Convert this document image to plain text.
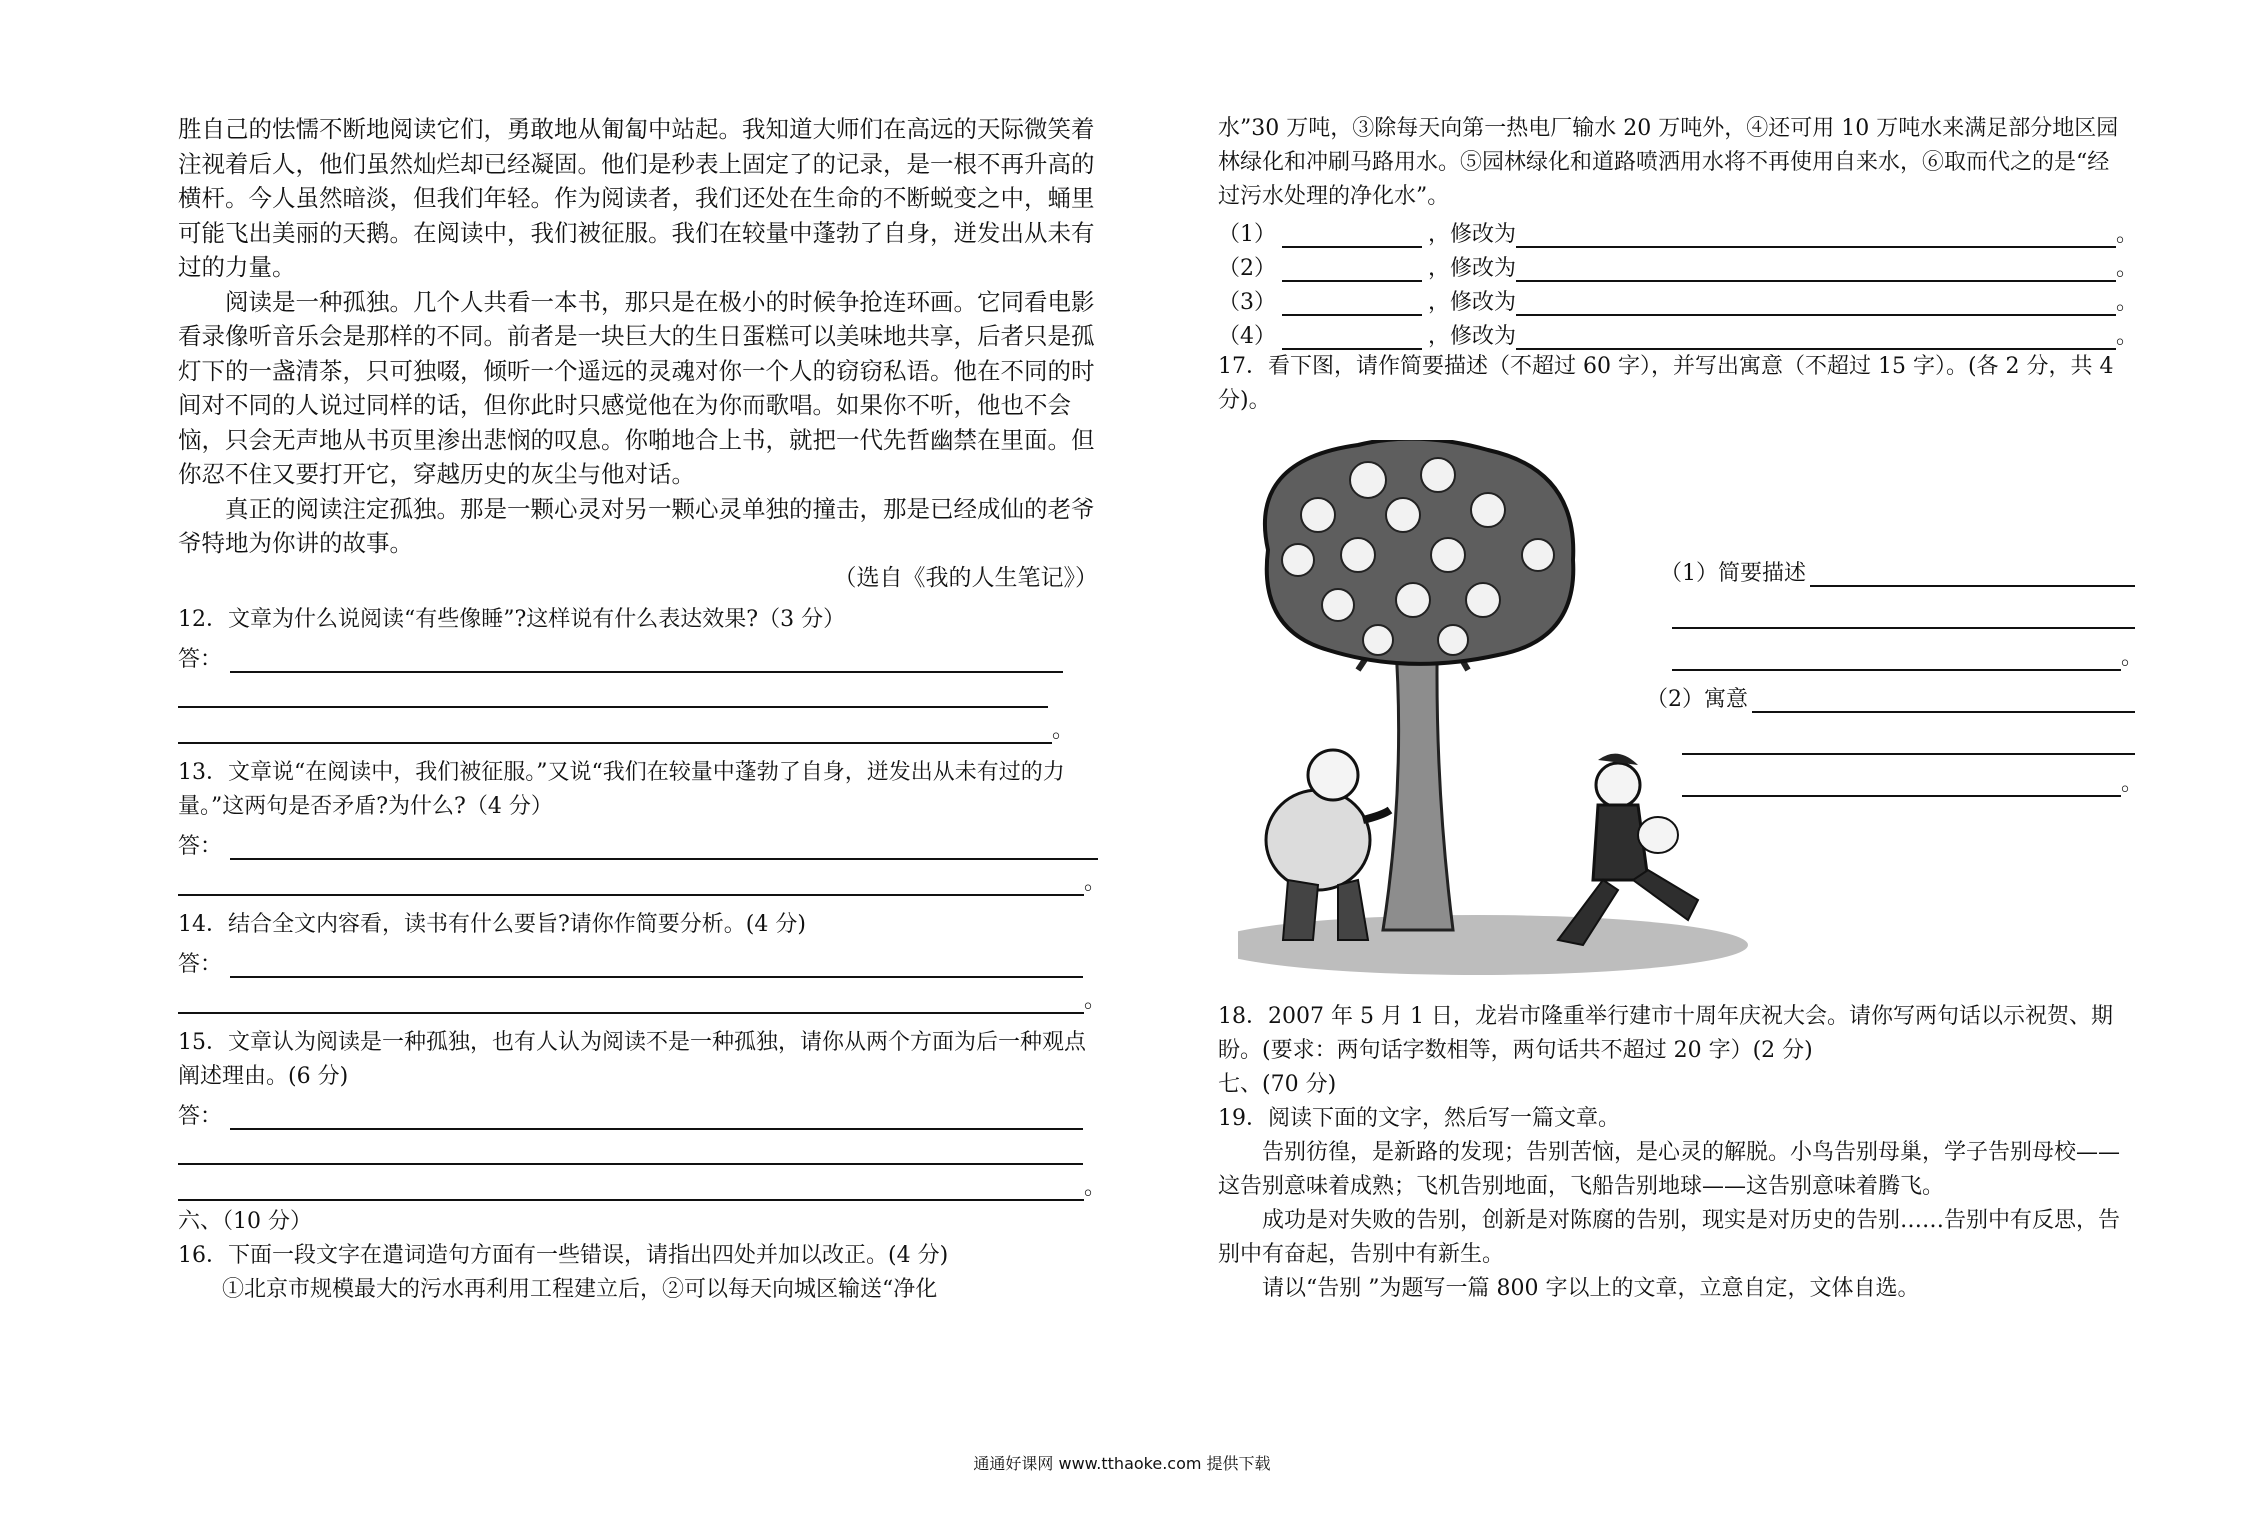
胜自己的怯懦不断地阅读它们，勇敢地从匍匐中站起。我知道大师们在高远的天际微笑着注视着后人，他们虽然灿烂却已经凝固。他们是秒表上固定了的记录，是一根不再升高的横杆。今人虽然暗淡，但我们年轻。作为阅读者，我们还处在生命的不断蜕变之中，蛹里可能飞出美丽的天鹅。在阅读中，我们被征服。我们在较量中蓬勃了自身，迸发出从未有过的力量。

阅读是一种孤独。几个人共看一本书，那只是在极小的时候争抢连环画。它同看电影看录像听音乐会是那样的不同。前者是一块巨大的生日蛋糕可以美味地共享，后者只是孤灯下的一盏清茶，只可独啜，倾听一个遥远的灵魂对你一个人的窃窃私语。他在不同的时间对不同的人说过同样的话，但你此时只感觉他在为你而歌唱。如果你不听，他也不会恼，只会无声地从书页里渗出悲悯的叹息。你啪地合上书，就把一代先哲幽禁在里面。但你忍不住又要打开它，穿越历史的灰尘与他对话。

真正的阅读注定孤独。那是一颗心灵对另一颗心灵单独的撞击，那是已经成仙的老爷爷特地为你讲的故事。

（选自《我的人生笔记》）

12．文章为什么说阅读“有些像睡”?这样说有什么表达效果?（3 分）

答：
。

13．文章说“在阅读中，我们被征服。”又说“我们在较量中蓬勃了自身，迸发出从未有过的力量。”这两句是否矛盾?为什么?（4 分）

答：
。

14．结合全文内容看，读书有什么要旨?请你作简要分析。(4 分)

答：
。

15．文章认为阅读是一种孤独，也有人认为阅读不是一种孤独，请你从两个方面为后一种观点阐述理由。(6 分)

答：
。

六、（10 分）

16．下面一段文字在遣词造句方面有一些错误，请指出四处并加以改正。(4 分)

①北京市规模最大的污水再利用工程建立后，②可以每天向城区输送“净化

水”30 万吨，③除每天向第一热电厂输水 20 万吨外，④还可用 10 万吨水来满足部分地区园林绿化和冲刷马路用水。⑤园林绿化和道路喷洒用水将不再使用自来水，⑥取而代之的是“经过污水处理的净化水”。

（1）	，修改为	。
（2）	，修改为	。
（3）	，修改为	。
（4）	，修改为	。

17．看下图，请作简要描述（不超过 60 字），并写出寓意（不超过 15 字）。(各 2 分，共 4 分)。

（1）简要描述
。
（2）寓意
。

18．2007 年 5 月 1 日，龙岩市隆重举行建市十周年庆祝大会。请你写两句话以示祝贺、期盼。(要求：两句话字数相等，两句话共不超过 20 字）(2 分)

七、(70 分)

19．阅读下面的文字，然后写一篇文章。

告别彷徨，是新路的发现；告别苦恼，是心灵的解脱。小鸟告别母巢，学子告别母校——这告别意味着成熟；飞机告别地面，飞船告别地球——这告别意味着腾飞。

成功是对失败的告别，创新是对陈腐的告别，现实是对历史的告别……告别中有反思，告别中有奋起，告别中有新生。

请以“告别 ”为题写一篇 800 字以上的文章，立意自定，文体自选。

通通好课网 www.tthaoke.com 提供下载
